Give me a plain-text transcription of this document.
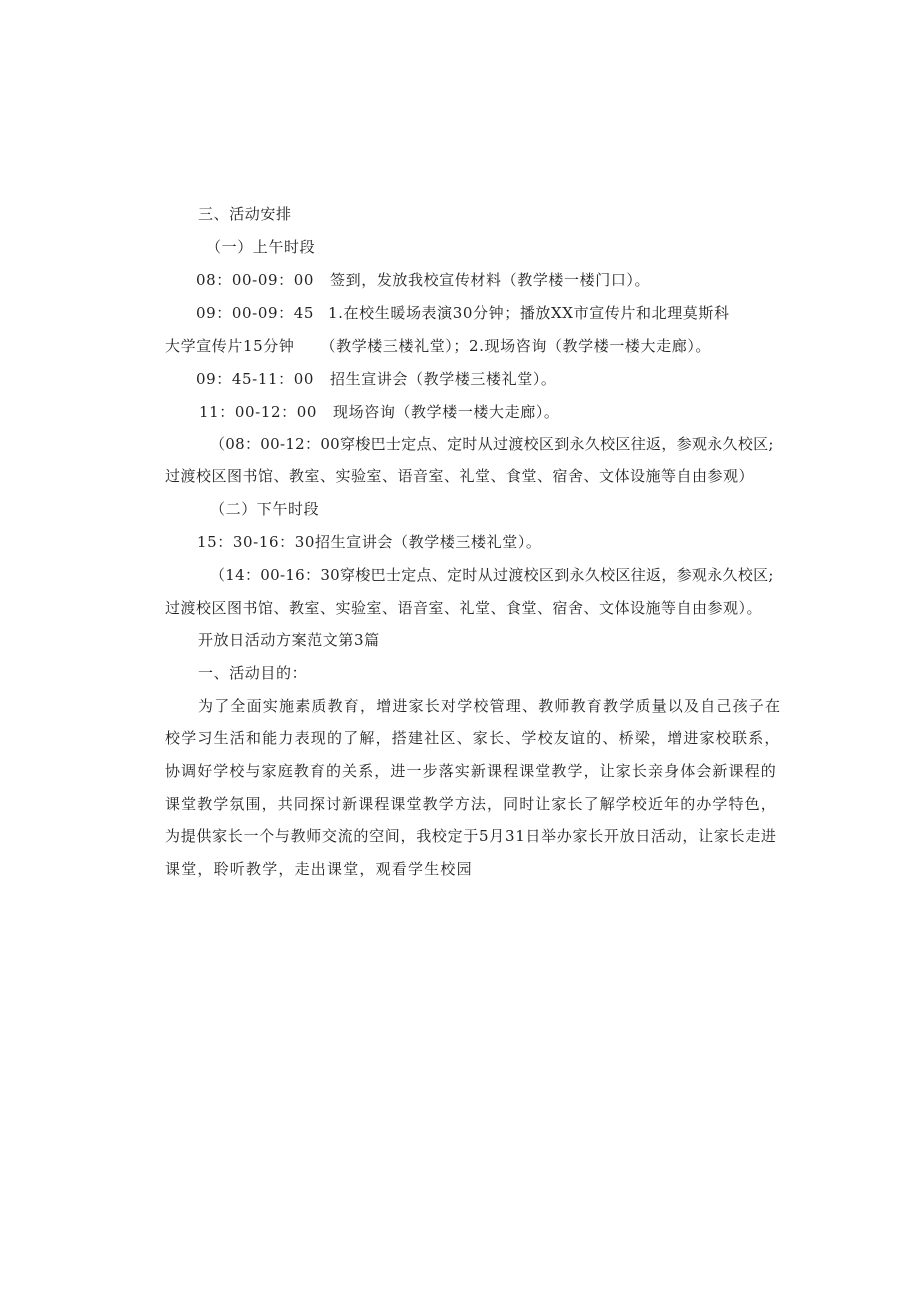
三、活动安排
（一）上午时段
08：00-09：00 签到，发放我校宣传材料（教学楼一楼门口）。
09：00-09：45 1.在校生暖场表演30分钟；播放XX市宣传片和北理莫斯科
大学宣传片15分钟 （教学楼三楼礼堂）；2.现场咨询（教学楼一楼大走廊）。
09：45-11：00 招生宣讲会（教学楼三楼礼堂）。
11：00-12：00 现场咨询（教学楼一楼大走廊）。
（08：00-12：00穿梭巴士定点、定时从过渡校区到永久校区往返，参观永久校区;
过渡校区图书馆、教室、实验室、语音室、礼堂、食堂、宿舍、文体设施等自由参观）
（二）下午时段
15：30-16：30招生宣讲会（教学楼三楼礼堂）。
（14：00-16：30穿梭巴士定点、定时从过渡校区到永久校区往返，参观永久校区;
过渡校区图书馆、教室、实验室、语音室、礼堂、食堂、宿舍、文体设施等自由参观）。
开放日活动方案范文第3篇
一、活动目的：
为了全面实施素质教育，增进家长对学校管理、教师教育教学质量以及自己孩子在
校学习生活和能力表现的了解，搭建社区、家长、学校友谊的、桥梁，增进家校联系，
协调好学校与家庭教育的关系，进一步落实新课程课堂教学，让家长亲身体会新课程的
课堂教学氛围，共同探讨新课程课堂教学方法，同时让家长了解学校近年的办学特色，
为提供家长一个与教师交流的空间，我校定于5月31日举办家长开放日活动，让家长走进
课堂，聆听教学，走出课堂，观看学生校园
